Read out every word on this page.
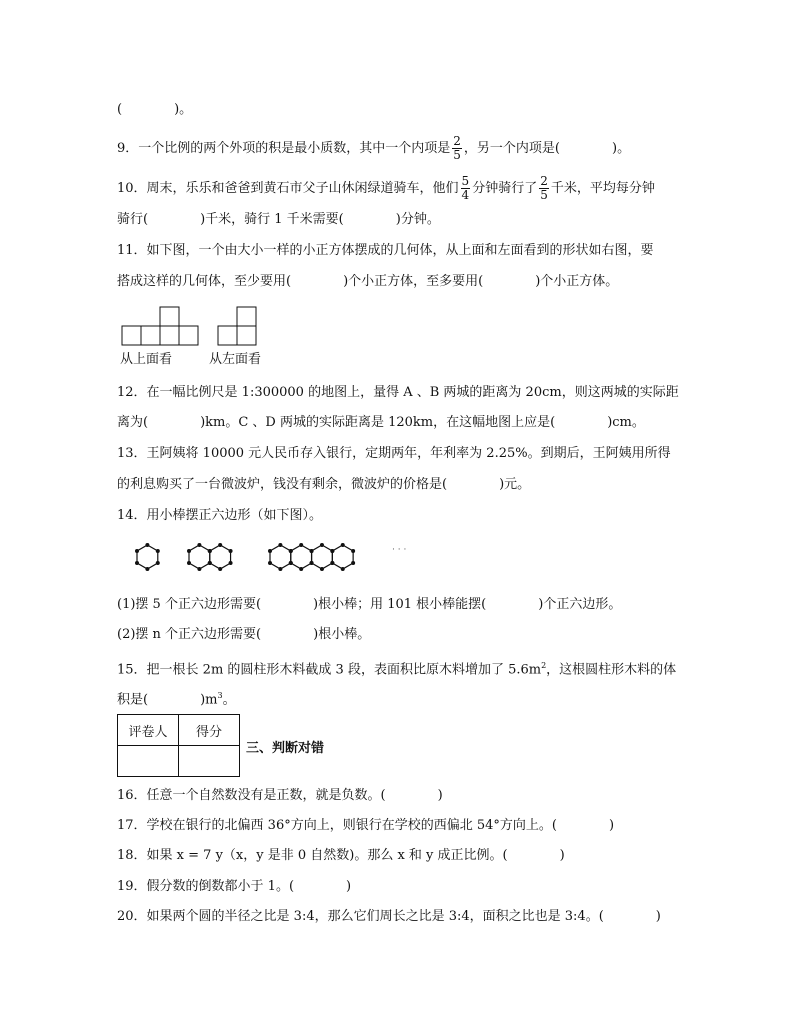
(　　　　)。
9．一个比例的两个外项的积是最小质数，其中一个内项是 $\frac{2}{5}$ ，另一个内项是(　　　　)。
10．周末，乐乐和爸爸到黄石市父子山休闲绿道骑车，他们 $\frac{5}{4}$ 分钟骑行了 $\frac{2}{5}$ 千米，平均每分钟
骑行(　　　　)千米，骑行 1 千米需要(　　　　)分钟。
11．如下图，一个由大小一样的小正方体摆成的几何体，从上面和左面看到的形状如右图，要
搭成这样的几何体，至少要用(　　　　)个小正方体，至多要用(　　　　)个小正方体。
从上面看	从左面看
12．在一幅比例尺是 1:300000 的地图上，量得 A 、B 两城的距离为 20cm，则这两城的实际距
离为(　　　　)km。C 、D 两城的实际距离是 120km，在这幅地图上应是(　　　　)cm。
13．王阿姨将 10000 元人民币存入银行，定期两年，年利率为 2.25%。到期后，王阿姨用所得
的利息购买了一台微波炉，钱没有剩余，微波炉的价格是(　　　　)元。
14．用小棒摆正六边形（如下图）。
· · ·
(1)摆 5 个正六边形需要(　　　　)根小棒；用 101 根小棒能摆(　　　　)个正六边形。
(2)摆 n 个正六边形需要(　　　　)根小棒。
15．把一根长 2m 的圆柱形木料截成 3 段，表面积比原木料增加了 $5.6m^2$，这根圆柱形木料的体
积是(　　　　)$m^3$。
评卷人	得分

三、判断对错
16．任意一个自然数没有是正数，就是负数。(　　　　)
17．学校在银行的北偏西 36°方向上，则银行在学校的西偏北 54°方向上。(　　　　)
18．如果 x = 7 y（x，y 是非 0 自然数)。那么 x 和 y 成正比例。(　　　　)
19．假分数的倒数都小于 1。(　　　　)
20．如果两个圆的半径之比是 3:4，那么它们周长之比是 3:4，面积之比也是 3:4。(　　　　)
